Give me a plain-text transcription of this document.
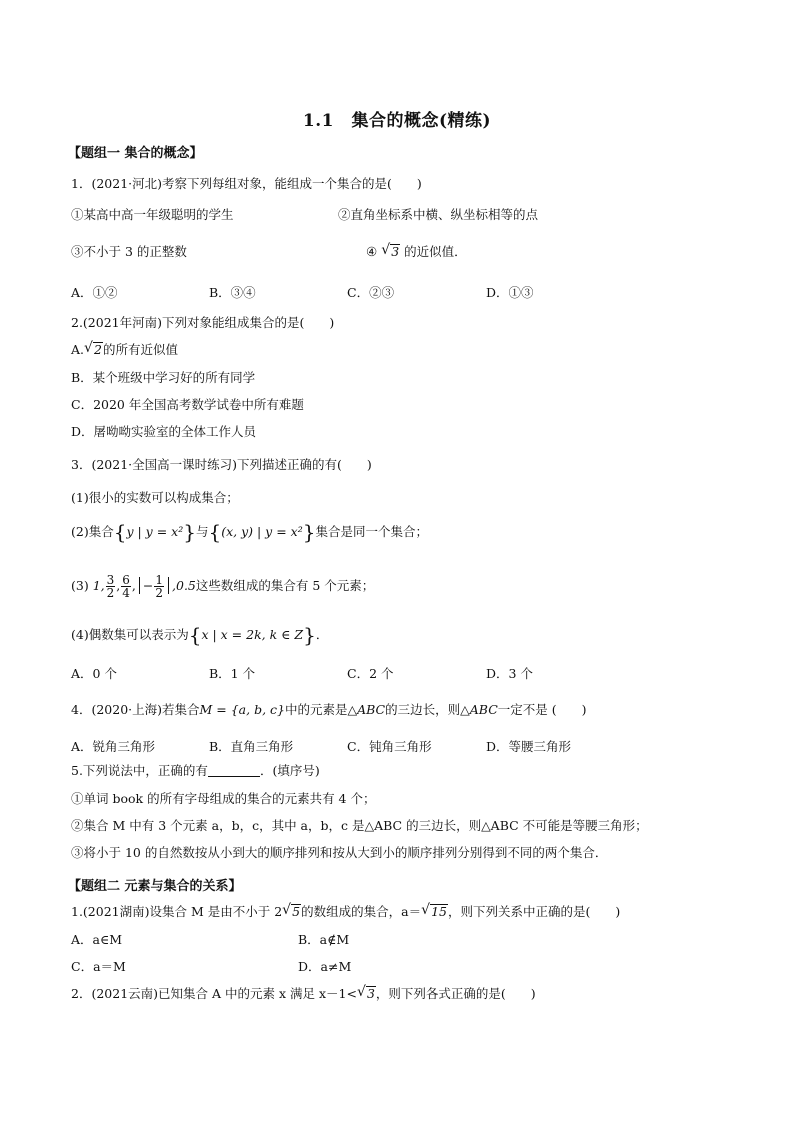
1.1　集合的概念(精练)
【题组一 集合的概念】
1．(2021·河北)考察下列每组对象，能组成一个集合的是(　　)
①某高中高一年级聪明的学生	②直角坐标系中横、纵坐标相等的点
③不小于 3 的正整数	④ √ 3 的近似值．
A．①②	B．③④	C．②③	D．①③
2.(2021年河南)下列对象能组成集合的是(　　)
A. √ 2的所有近似值
B．某个班级中学习好的所有同学
C．2020 年全国高考数学试卷中所有难题
D．屠呦呦实验室的全体工作人员
3．(2021·全国高一课时练习)下列描述正确的有(　　)
(1)很小的实数可以构成集合；
(2)集合{y | y = x²}与{(x, y) | y = x²}集合是同一个集合；
(3) 1, $\frac{3}{2}$ , $\frac{6}{4}$ , − $\frac{1}{2} ,0.5$这些数组成的集合有 5 个元素；
(4)偶数集可以表示为{x | x = 2k, k ∈ Z}．
A．0 个	B．1 个	C．2 个	D．3 个
4．(2020·上海)若集合M = {a, b, c}中的元素是△ABC的三边长，则△ABC一定不是 (　　)
A．锐角三角形	B．直角三角形	C．钝角三角形	D．等腰三角形
5.下列说法中，正确的有	．(填序号)
①单词 book 的所有字母组成的集合的元素共有 4 个；
②集合 M 中有 3 个元素 a，b，c，其中 a，b，c 是△ABC 的三边长，则△ABC 不可能是等腰三角形；
③将小于 10 的自然数按从小到大的顺序排列和按从大到小的顺序排列分别得到不同的两个集合．
【题组二 元素与集合的关系】
1.(2021湖南)设集合 M 是由不小于 2 √ 5的数组成的集合，a＝ √ 15，则下列关系中正确的是(　　)
A．a∈M	B．a∉M
C．a＝M	D．a≠M
2．(2021云南)已知集合 A 中的元素 x 满足 x－1< √ 3，则下列各式正确的是(　　)
